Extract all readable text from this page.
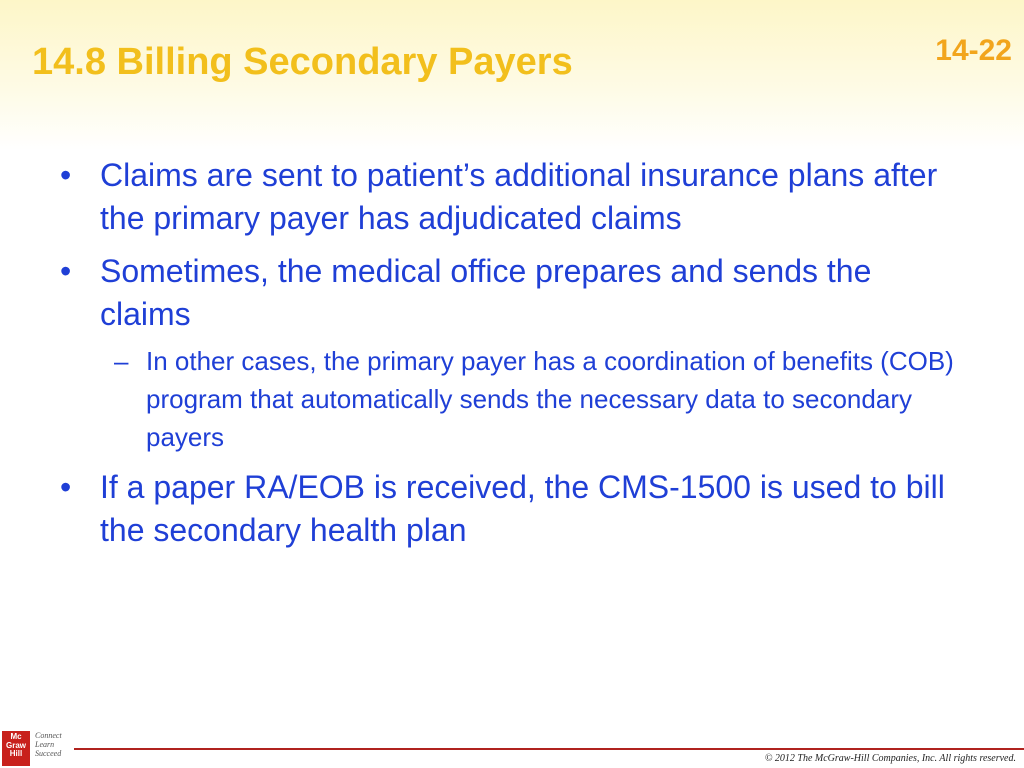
14.8 Billing Secondary Payers	14-22
• Claims are sent to patient’s additional insurance plans after the primary payer has adjudicated claims
• Sometimes, the medical office prepares and sends the claims
– In other cases, the primary payer has a coordination of benefits (COB) program that automatically sends the necessary data to secondary payers
• If a paper RA/EOB is received, the CMS-1500 is used to bill the secondary health plan
Mc
Graw
Hill
Connect
Learn
Succeed	© 2012 The McGraw-Hill Companies, Inc. All rights reserved.
